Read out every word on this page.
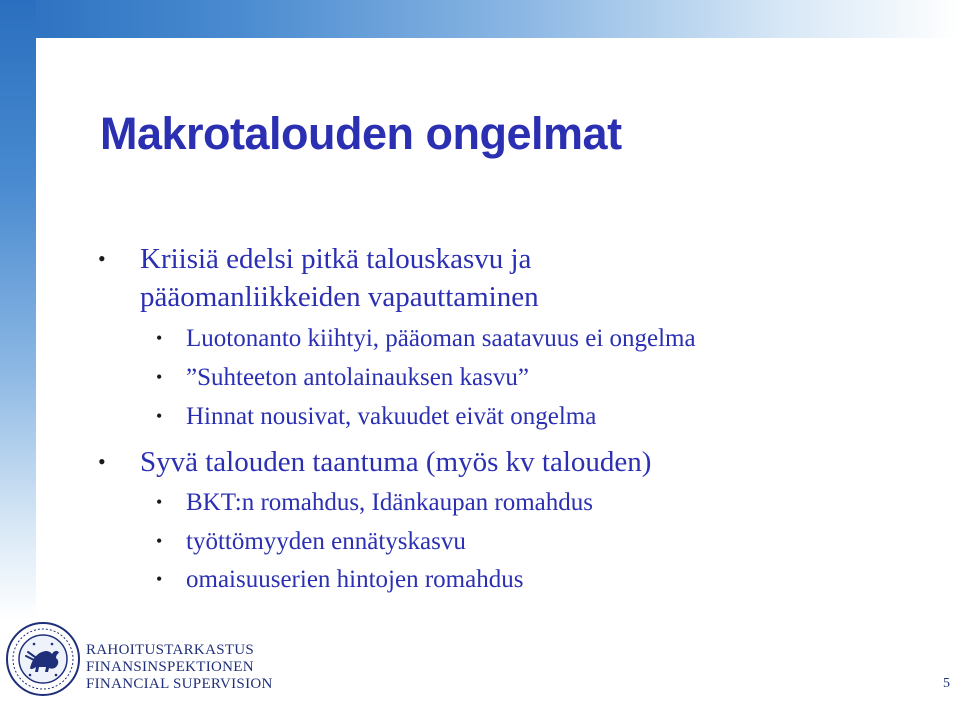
Makrotalouden ongelmat
• Kriisiä edelsi pitkä talouskasvu ja
pääomanliikkeiden vapauttaminen
• Luotonanto kiihtyi, pääoman saatavuus ei ongelma
• ”Suhteeton antolainauksen kasvu”
• Hinnat nousivat, vakuudet eivät ongelma
• Syvä talouden taantuma (myös kv talouden)
• BKT:n romahdus, Idänkaupan romahdus
• työttömyyden ennätyskasvu
• omaisuuserien hintojen romahdus
RAHOITUSTARKASTUS
FINANSINSPEKTIONEN
FINANCIAL SUPERVISION	5
